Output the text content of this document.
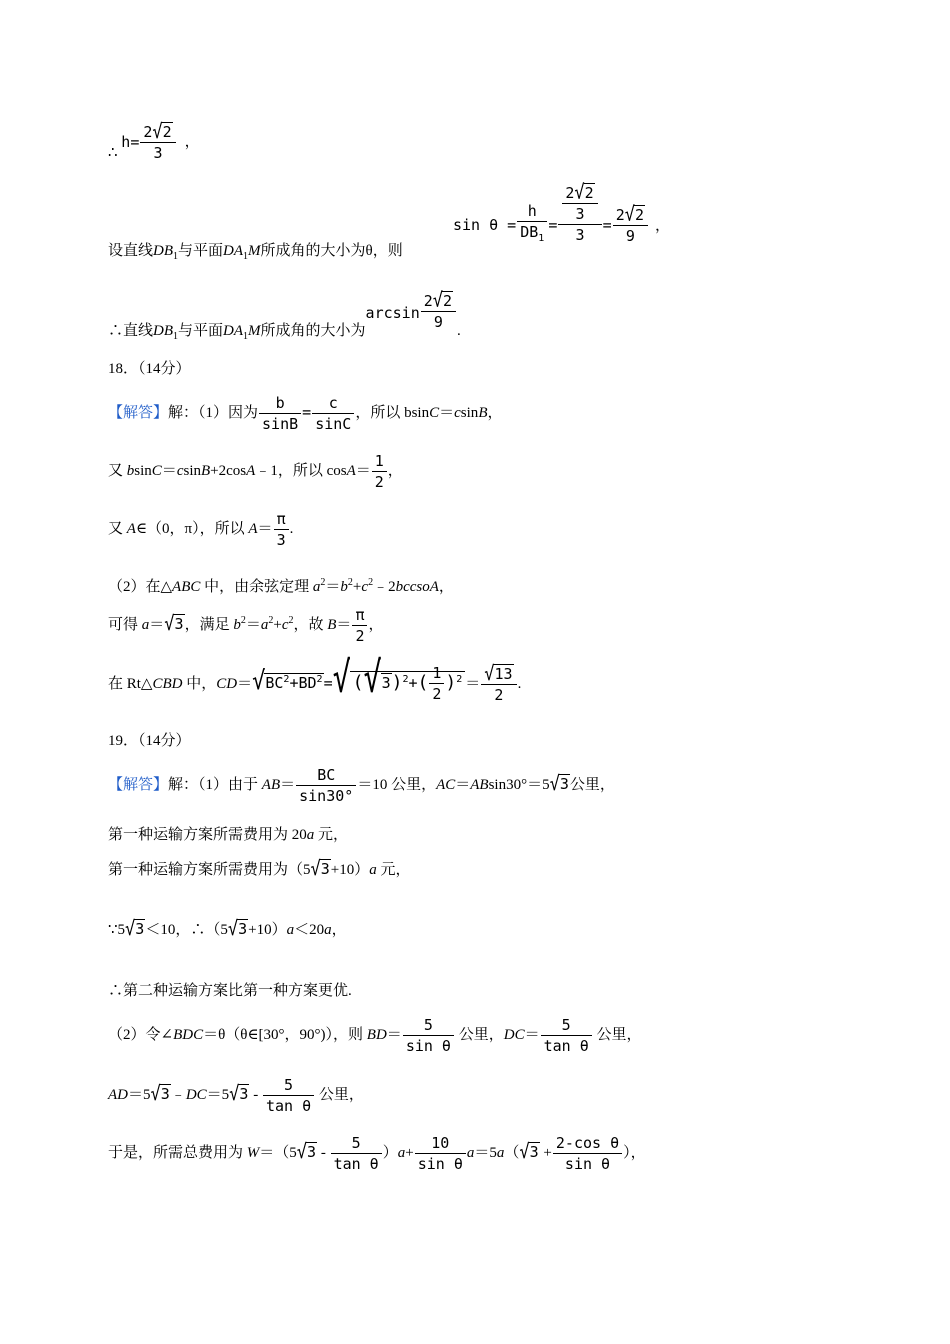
∴ $h= \frac{2√2}{3}$ ，
设直线$DB_1$与平面$DA_1M$所成角的大小为θ，则
$\sin \theta = \frac{h}{DB_1} = \frac{\frac{2√2}{3}}{3} = \frac{2√2}{9}$ ，
∴直线$DB_1$与平面$DA_1M$所成角的大小为$\arcsin \frac{2√2}{9}$ .
18．（14分）
【解答】解：（1）因为 $\frac{b}{\sin B} = \frac{c}{\sin C}$ ，所以 bsinC＝csinB，
又 bsinC＝csinB+2cosA﹣1，所以 $\cos A= \frac{1}{2}$ ，
又 A∈（0，π），所以 $A= \frac{\pi}{3}$ .
（2）在△ABC 中，由余弦定理 $a^2=b^2+c^2﹣2bccsoA$，
可得 a＝√3，满足 $b^2=a^2+c^2$，故 $B= \frac{\pi}{2}$ ，
在 Rt△CBD 中，$CD=√BC^2+BD^2=√$ $(√3)^2+( \frac{1}{2} )^2 = \frac{√13}{2}$ .
19．（14分）
【解答】解：（1）由于 $AB= \frac{BC}{\sin 30^\circ} =10$ 公里，AC＝ABsin30°＝5√3公里，
第一种运输方案所需费用为 20a 元，
第一种运输方案所需费用为（5√3+10）a 元，
∵5√3＜10，∴（5√3+10）a＜20a，
∴第二种运输方案比第一种方案更优.
（2）令∠BDC＝θ（θ∈[30°，90°)），则 $BD= \frac{5}{\text{sin θ}}$ 公里，$DC= \frac{5}{\text{tan θ}}$ 公里，
AD＝5√3﹣DC＝5√3 - $\frac{5}{\text{tan θ}}$ 公里，
于是，所需总费用为 $W=(5√3 - \frac{5}{\text{tan θ}} )a+ \frac{10}{\text{sin θ}} a=5a(√3 + \frac{\text{2-cos θ}}{\text{sin θ}}$ ），
